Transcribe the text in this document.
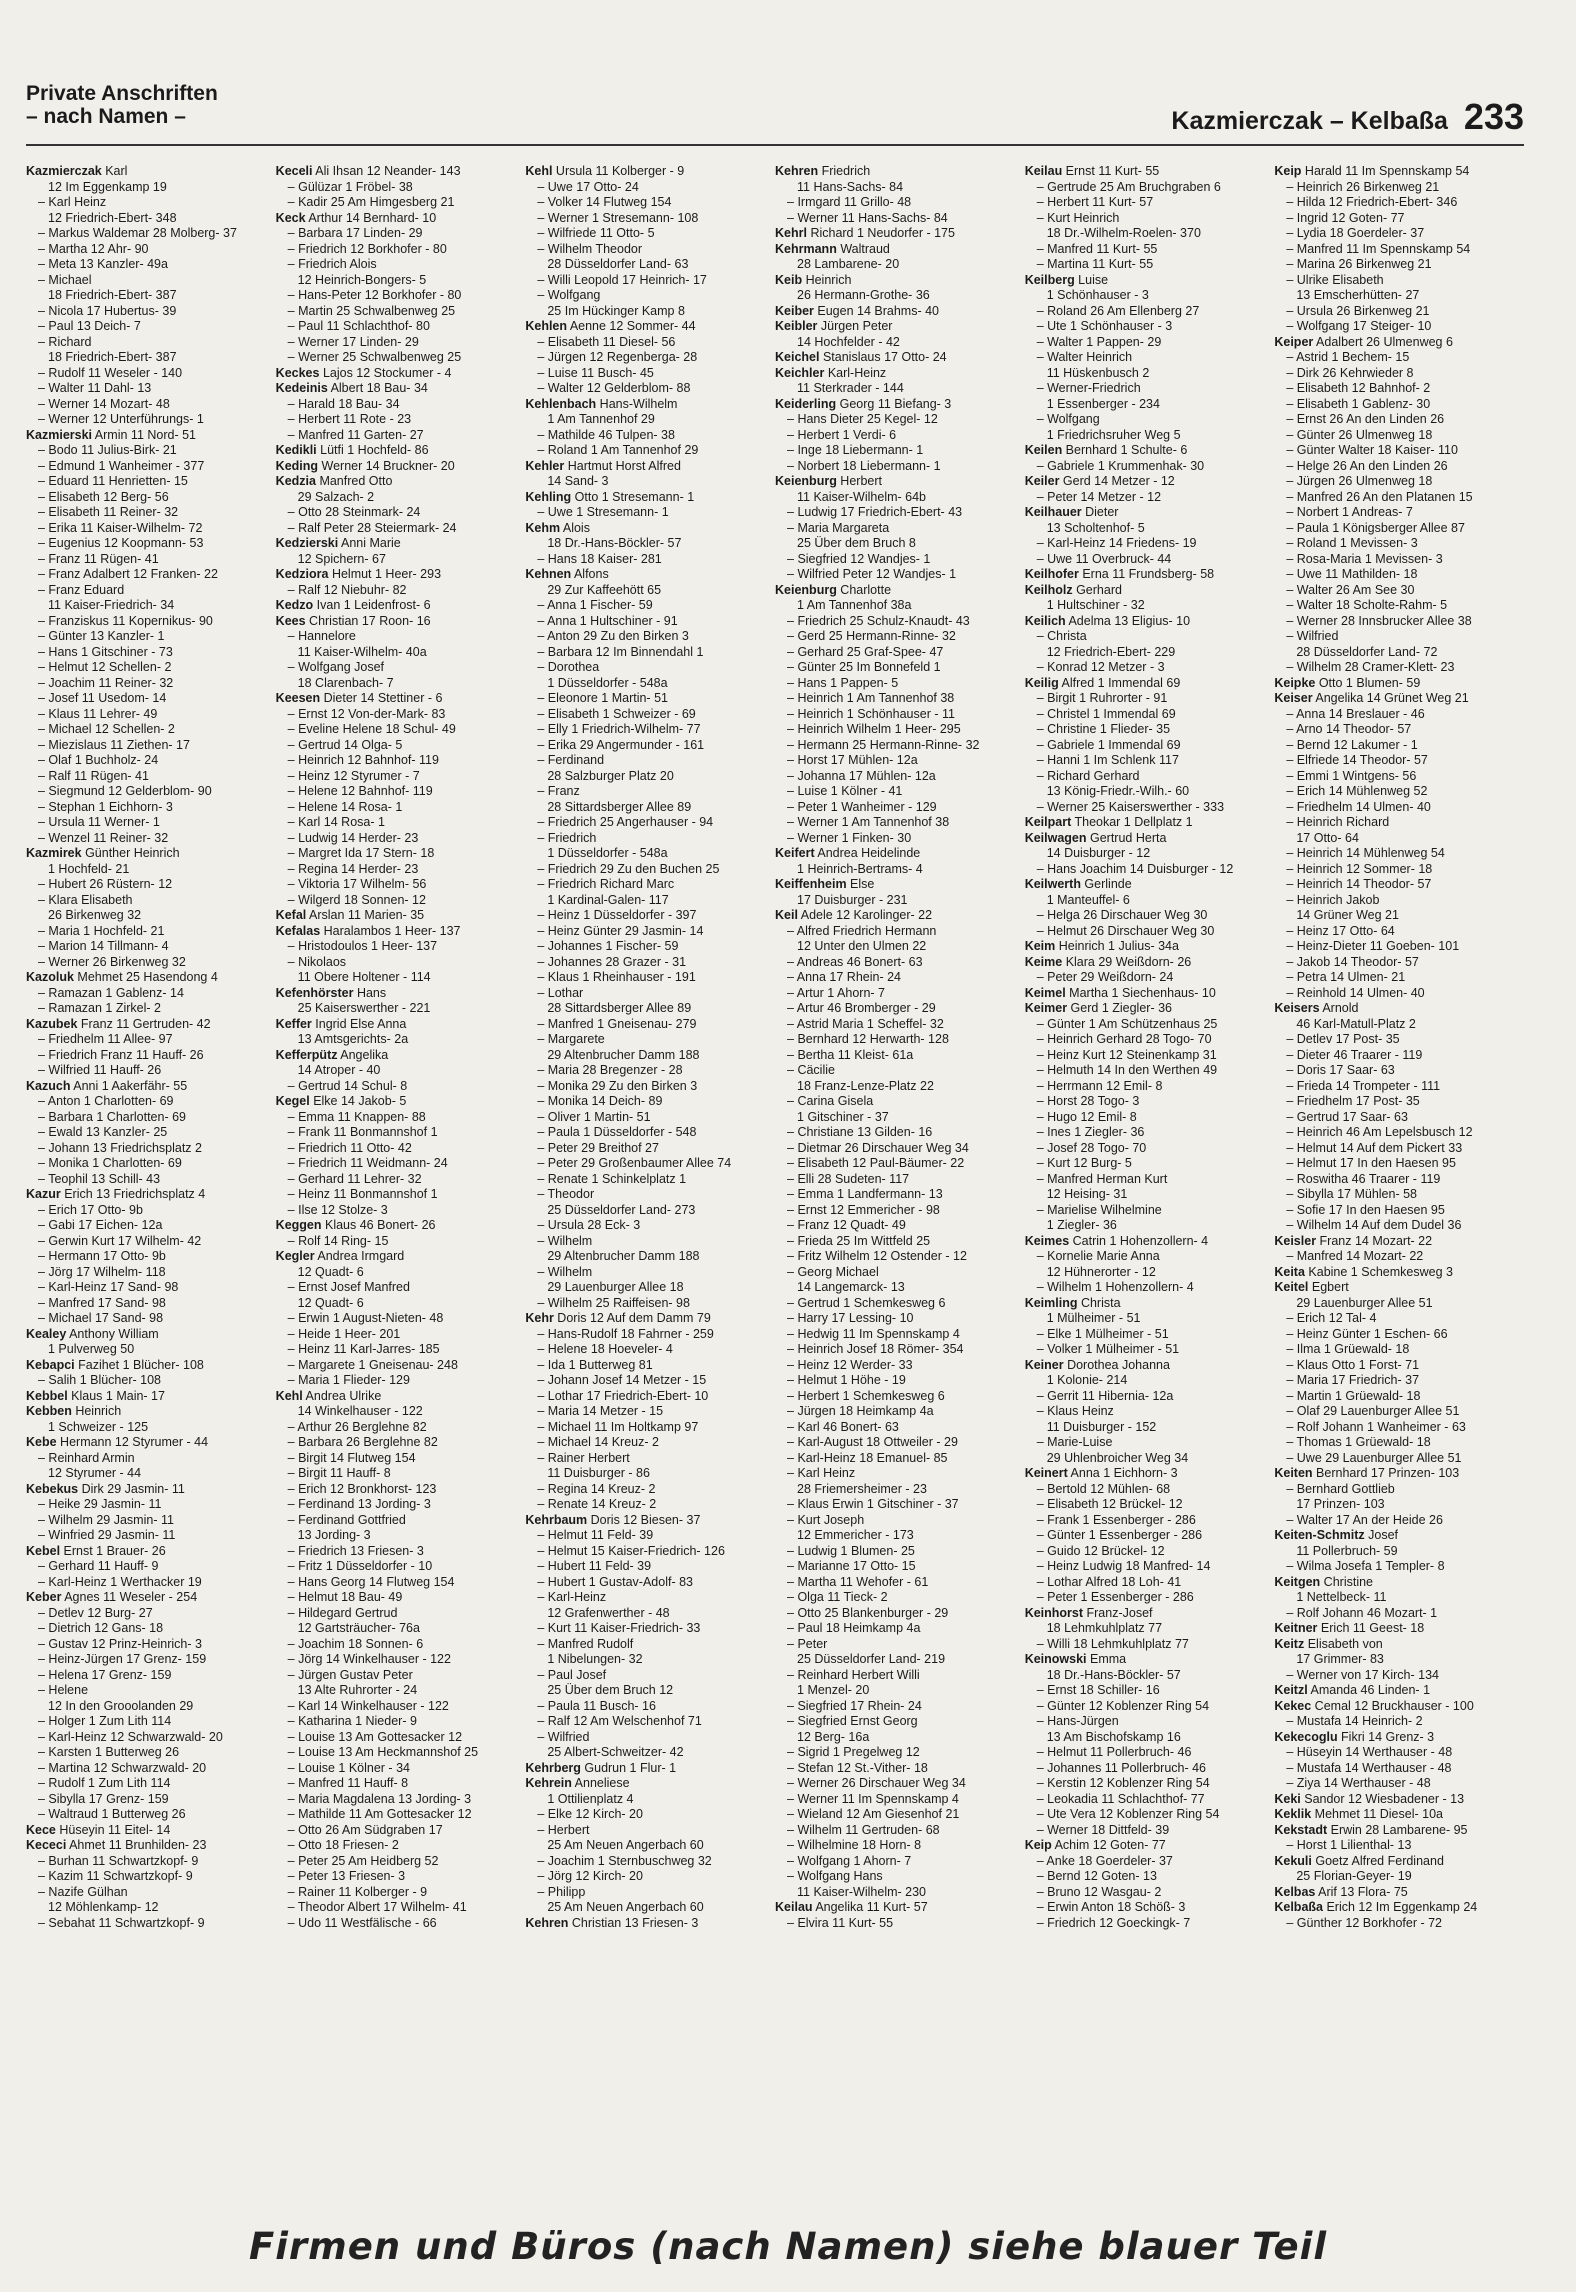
Private Anschriften
– nach Namen –	Kazmierczak – Kelbaßa 233
Kazmierczak Karl
12 Im Eggenkamp 19
– Karl Heinz
12 Friedrich-Ebert- 348
– Markus Waldemar 28 Molberg- 37
– Martha 12 Ahr- 90
– Meta 13 Kanzler- 49a
– Michael
18 Friedrich-Ebert- 387
– Nicola 17 Hubertus- 39
– Paul 13 Deich- 7
– Richard
18 Friedrich-Ebert- 387
– Rudolf 11 Weseler - 140
– Walter 11 Dahl- 13
– Werner 14 Mozart- 48
– Werner 12 Unterführungs- 1
Kazmierski Armin 11 Nord- 51
– Bodo 11 Julius-Birk- 21
– Edmund 1 Wanheimer - 377
– Eduard 11 Henrietten- 15
– Elisabeth 12 Berg- 56
– Elisabeth 11 Reiner- 32
– Erika 11 Kaiser-Wilhelm- 72
– Eugenius 12 Koopmann- 53
– Franz 11 Rügen- 41
– Franz Adalbert 12 Franken- 22
– Franz Eduard
11 Kaiser-Friedrich- 34
– Franziskus 11 Kopernikus- 90
– Günter 13 Kanzler- 1
– Hans 1 Gitschiner - 73
– Helmut 12 Schellen- 2
– Joachim 11 Reiner- 32
– Josef 11 Usedom- 14
– Klaus 11 Lehrer- 49
– Michael 12 Schellen- 2
– Miezislaus 11 Ziethen- 17
– Olaf 1 Buchholz- 24
– Ralf 11 Rügen- 41
– Siegmund 12 Gelderblom- 90
– Stephan 1 Eichhorn- 3
– Ursula 11 Werner- 1
– Wenzel 11 Reiner- 32
Kazmirek Günther Heinrich
1 Hochfeld- 21
– Hubert 26 Rüstern- 12
– Klara Elisabeth
26 Birkenweg 32
– Maria 1 Hochfeld- 21
– Marion 14 Tillmann- 4
– Werner 26 Birkenweg 32
Kazoluk Mehmet 25 Hasendong 4
– Ramazan 1 Gablenz- 14
– Ramazan 1 Zirkel- 2
Kazubek Franz 11 Gertruden- 42
– Friedhelm 11 Allee- 97
– Friedrich Franz 11 Hauff- 26
– Wilfried 11 Hauff- 26
Kazuch Anni 1 Aakerfähr- 55
– Anton 1 Charlotten- 69
– Barbara 1 Charlotten- 69
– Ewald 13 Kanzler- 25
– Johann 13 Friedrichsplatz 2
– Monika 1 Charlotten- 69
– Teophil 13 Schill- 43
Kazur Erich 13 Friedrichsplatz 4
– Erich 17 Otto- 9b
– Gabi 17 Eichen- 12a
– Gerwin Kurt 17 Wilhelm- 42
– Hermann 17 Otto- 9b
– Jörg 17 Wilhelm- 118
– Karl-Heinz 17 Sand- 98
– Manfred 17 Sand- 98
– Michael 17 Sand- 98
Kealey Anthony William
1 Pulverweg 50
Kebapci Fazihet 1 Blücher- 108
– Salih 1 Blücher- 108
Kebbel Klaus 1 Main- 17
Kebben Heinrich
1 Schweizer - 125
Kebe Hermann 12 Styrumer - 44
– Reinhard Armin
12 Styrumer - 44
Kebekus Dirk 29 Jasmin- 11
– Heike 29 Jasmin- 11
– Wilhelm 29 Jasmin- 11
– Winfried 29 Jasmin- 11
Kebel Ernst 1 Brauer- 26
– Gerhard 11 Hauff- 9
– Karl-Heinz 1 Werthacker 19
Keber Agnes 11 Weseler - 254
– Detlev 12 Burg- 27
– Dietrich 12 Gans- 18
– Gustav 12 Prinz-Heinrich- 3
– Heinz-Jürgen 17 Grenz- 159
– Helena 17 Grenz- 159
– Helene
12 In den Grooolanden 29
– Holger 1 Zum Lith 114
– Karl-Heinz 12 Schwarzwald- 20
– Karsten 1 Butterweg 26
– Martina 12 Schwarzwald- 20
– Rudolf 1 Zum Lith 114
– Sibylla 17 Grenz- 159
– Waltraud 1 Butterweg 26
Kece Hüseyin 11 Eitel- 14
Kececi Ahmet 11 Brunhilden- 23
– Burhan 11 Schwartzkopf- 9
– Kazim 11 Schwartzkopf- 9
– Nazife Gülhan
12 Möhlenkamp- 12
– Sebahat 11 Schwartzkopf- 9
Keceli Ali Ihsan 12 Neander- 143
– Gülüzar 1 Fröbel- 38
– Kadir 25 Am Himgesberg 21
Keck Arthur 14 Bernhard- 10
– Barbara 17 Linden- 29
– Friedrich 12 Borkhofer - 80
– Friedrich Alois
12 Heinrich-Bongers- 5
– Hans-Peter 12 Borkhofer - 80
– Martin 25 Schwalbenweg 25
– Paul 11 Schlachthof- 80
– Werner 17 Linden- 29
– Werner 25 Schwalbenweg 25
Keckes Lajos 12 Stockumer - 4
Kedeinis Albert 18 Bau- 34
– Harald 18 Bau- 34
– Herbert 11 Rote - 23
– Manfred 11 Garten- 27
Kedikli Lütfi 1 Hochfeld- 86
Keding Werner 14 Bruckner- 20
Kedzia Manfred Otto
29 Salzach- 2
– Otto 28 Steinmark- 24
– Ralf Peter 28 Steiermark- 24
Kedzierski Anni Marie
12 Spichern- 67
Kedziora Helmut 1 Heer- 293
– Ralf 12 Niebuhr- 82
Kedzo Ivan 1 Leidenfrost- 6
Kees Christian 17 Roon- 16
– Hannelore
11 Kaiser-Wilhelm- 40a
– Wolfgang Josef
18 Clarenbach- 7
Keesen Dieter 14 Stettiner - 6
– Ernst 12 Von-der-Mark- 83
– Eveline Helene 18 Schul- 49
– Gertrud 14 Olga- 5
– Heinrich 12 Bahnhof- 119
– Heinz 12 Styrumer - 7
– Helene 12 Bahnhof- 119
– Helene 14 Rosa- 1
– Karl 14 Rosa- 1
– Ludwig 14 Herder- 23
– Margret Ida 17 Stern- 18
– Regina 14 Herder- 23
– Viktoria 17 Wilhelm- 56
– Wilgerd 18 Sonnen- 12
Kefal Arslan 11 Marien- 35
Kefalas Haralambos 1 Heer- 137
– Hristodoulos 1 Heer- 137
– Nikolaos
11 Obere Holtener - 114
Kefenhörster Hans
25 Kaiserswerther - 221
Keffer Ingrid Else Anna
13 Amtsgerichts- 2a
Kefferpütz Angelika
14 Atroper - 40
– Gertrud 14 Schul- 8
Kegel Elke 14 Jakob- 5
– Emma 11 Knappen- 88
– Frank 11 Bonmannshof 1
– Friedrich 11 Otto- 42
– Friedrich 11 Weidmann- 24
– Gerhard 11 Lehrer- 32
– Heinz 11 Bonmannshof 1
– Ilse 12 Stolze- 3
Keggen Klaus 46 Bonert- 26
– Rolf 14 Ring- 15
Kegler Andrea Irmgard
12 Quadt- 6
– Ernst Josef Manfred
12 Quadt- 6
– Erwin 1 August-Nieten- 48
– Heide 1 Heer- 201
– Heinz 11 Karl-Jarres- 185
– Margarete 1 Gneisenau- 248
– Maria 1 Flieder- 129
Kehl Andrea Ulrike
14 Winkelhauser - 122
– Arthur 26 Berglehne 82
– Barbara 26 Berglehne 82
– Birgit 14 Flutweg 154
– Birgit 11 Hauff- 8
– Erich 12 Bronkhorst- 123
– Ferdinand 13 Jording- 3
– Ferdinand Gottfried
13 Jording- 3
– Friedrich 13 Friesen- 3
– Fritz 1 Düsseldorfer - 10
– Hans Georg 14 Flutweg 154
– Helmut 18 Bau- 49
– Hildegard Gertrud
12 Gartsträucher- 76a
– Joachim 18 Sonnen- 6
– Jörg 14 Winkelhauser - 122
– Jürgen Gustav Peter
13 Alte Ruhrorter - 24
– Karl 14 Winkelhauser - 122
– Katharina 1 Nieder- 9
– Louise 13 Am Gottesacker 12
– Louise 13 Am Heckmannshof 25
– Louise 1 Kölner - 34
– Manfred 11 Hauff- 8
– Maria Magdalena 13 Jording- 3
– Mathilde 11 Am Gottesacker 12
– Otto 26 Am Südgraben 17
– Otto 18 Friesen- 2
– Peter 25 Am Heidberg 52
– Peter 13 Friesen- 3
– Rainer 11 Kolberger - 9
– Theodor Albert 17 Wilhelm- 41
– Udo 11 Westfälische - 66
Kehl Ursula 11 Kolberger - 9
– Uwe 17 Otto- 24
– Volker 14 Flutweg 154
– Werner 1 Stresemann- 108
– Wilfriede 11 Otto- 5
– Wilhelm Theodor
28 Düsseldorfer Land- 63
– Willi Leopold 17 Heinrich- 17
– Wolfgang
25 Im Hückinger Kamp 8
Kehlen Aenne 12 Sommer- 44
– Elisabeth 11 Diesel- 56
– Jürgen 12 Regenberga- 28
– Luise 11 Busch- 45
– Walter 12 Gelderblom- 88
Kehlenbach Hans-Wilhelm
1 Am Tannenhof 29
– Mathilde 46 Tulpen- 38
– Roland 1 Am Tannenhof 29
Kehler Hartmut Horst Alfred
14 Sand- 3
Kehling Otto 1 Stresemann- 1
– Uwe 1 Stresemann- 1
Kehm Alois
18 Dr.-Hans-Böckler- 57
– Hans 18 Kaiser- 281
Kehnen Alfons
29 Zur Kaffeehött 65
– Anna 1 Fischer- 59
– Anna 1 Hultschiner - 91
– Anton 29 Zu den Birken 3
– Barbara 12 Im Binnendahl 1
– Dorothea
1 Düsseldorfer - 548a
– Eleonore 1 Martin- 51
– Elisabeth 1 Schweizer - 69
– Elly 1 Friedrich-Wilhelm- 77
– Erika 29 Angermunder - 161
– Ferdinand
28 Salzburger Platz 20
– Franz
28 Sittardsberger Allee 89
– Friedrich 25 Angerhauser - 94
– Friedrich
1 Düsseldorfer - 548a
– Friedrich 29 Zu den Buchen 25
– Friedrich Richard Marc
1 Kardinal-Galen- 117
– Heinz 1 Düsseldorfer - 397
– Heinz Günter 29 Jasmin- 14
– Johannes 1 Fischer- 59
– Johannes 28 Grazer - 31
– Klaus 1 Rheinhauser - 191
– Lothar
28 Sittardsberger Allee 89
– Manfred 1 Gneisenau- 279
– Margarete
29 Altenbrucher Damm 188
– Maria 28 Bregenzer - 28
– Monika 29 Zu den Birken 3
– Monika 14 Deich- 89
– Oliver 1 Martin- 51
– Paula 1 Düsseldorfer - 548
– Peter 29 Breithof 27
– Peter 29 Großenbaumer Allee 74
– Renate 1 Schinkelplatz 1
– Theodor
25 Düsseldorfer Land- 273
– Ursula 28 Eck- 3
– Wilhelm
29 Altenbrucher Damm 188
– Wilhelm
29 Lauenburger Allee 18
– Wilhelm 25 Raiffeisen- 98
Kehr Doris 12 Auf dem Damm 79
– Hans-Rudolf 18 Fahrner - 259
– Helene 18 Hoeveler- 4
– Ida 1 Butterweg 81
– Johann Josef 14 Metzer - 15
– Lothar 17 Friedrich-Ebert- 10
– Maria 14 Metzer - 15
– Michael 11 Im Holtkamp 97
– Michael 14 Kreuz- 2
– Rainer Herbert
11 Duisburger - 86
– Regina 14 Kreuz- 2
– Renate 14 Kreuz- 2
Kehrbaum Doris 12 Biesen- 37
– Helmut 11 Feld- 39
– Helmut 15 Kaiser-Friedrich- 126
– Hubert 11 Feld- 39
– Hubert 1 Gustav-Adolf- 83
– Karl-Heinz
12 Grafenwerther - 48
– Kurt 11 Kaiser-Friedrich- 33
– Manfred Rudolf
1 Nibelungen- 32
– Paul Josef
25 Über dem Bruch 12
– Paula 11 Busch- 16
– Ralf 12 Am Welschenhof 71
– Wilfried
25 Albert-Schweitzer- 42
Kehrberg Gudrun 1 Flur- 1
Kehrein Anneliese
1 Ottilienplatz 4
– Elke 12 Kirch- 20
– Herbert
25 Am Neuen Angerbach 60
– Joachim 1 Sternbuschweg 32
– Jörg 12 Kirch- 20
– Philipp
25 Am Neuen Angerbach 60
Kehren Christian 13 Friesen- 3
Kehren Friedrich
11 Hans-Sachs- 84
– Irmgard 11 Grillo- 48
– Werner 11 Hans-Sachs- 84
Kehrl Richard 1 Neudorfer - 175
Kehrmann Waltraud
28 Lambarene- 20
Keib Heinrich
26 Hermann-Grothe- 36
Keiber Eugen 14 Brahms- 40
Keibler Jürgen Peter
14 Hochfelder - 42
Keichel Stanislaus 17 Otto- 24
Keichler Karl-Heinz
11 Sterkrader - 144
Keiderling Georg 11 Biefang- 3
– Hans Dieter 25 Kegel- 12
– Herbert 1 Verdi- 6
– Inge 18 Liebermann- 1
– Norbert 18 Liebermann- 1
Keienburg Herbert
11 Kaiser-Wilhelm- 64b
– Ludwig 17 Friedrich-Ebert- 43
– Maria Margareta
25 Über dem Bruch 8
– Siegfried 12 Wandjes- 1
– Wilfried Peter 12 Wandjes- 1
Keienburg Charlotte
1 Am Tannenhof 38a
– Friedrich 25 Schulz-Knaudt- 43
– Gerd 25 Hermann-Rinne- 32
– Gerhard 25 Graf-Spee- 47
– Günter 25 Im Bonnefeld 1
– Hans 1 Pappen- 5
– Heinrich 1 Am Tannenhof 38
– Heinrich 1 Schönhauser - 11
– Heinrich Wilhelm 1 Heer- 295
– Hermann 25 Hermann-Rinne- 32
– Horst 17 Mühlen- 12a
– Johanna 17 Mühlen- 12a
– Luise 1 Kölner - 41
– Peter 1 Wanheimer - 129
– Werner 1 Am Tannenhof 38
– Werner 1 Finken- 30
Keifert Andrea Heidelinde
1 Heinrich-Bertrams- 4
Keiffenheim Else
17 Duisburger - 231
Keil Adele 12 Karolinger- 22
– Alfred Friedrich Hermann
12 Unter den Ulmen 22
– Andreas 46 Bonert- 63
– Anna 17 Rhein- 24
– Artur 1 Ahorn- 7
– Artur 46 Bromberger - 29
– Astrid Maria 1 Scheffel- 32
– Bernhard 12 Herwarth- 128
– Bertha 11 Kleist- 61a
– Cäcilie
18 Franz-Lenze-Platz 22
– Carina Gisela
1 Gitschiner - 37
– Christiane 13 Gilden- 16
– Dietmar 26 Dirschauer Weg 34
– Elisabeth 12 Paul-Bäumer- 22
– Elli 28 Sudeten- 117
– Emma 1 Landfermann- 13
– Ernst 12 Emmericher - 98
– Franz 12 Quadt- 49
– Frieda 25 Im Wittfeld 25
– Fritz Wilhelm 12 Ostender - 12
– Georg Michael
14 Langemarck- 13
– Gertrud 1 Schemkesweg 6
– Harry 17 Lessing- 10
– Hedwig 11 Im Spennskamp 4
– Heinrich Josef 18 Römer- 354
– Heinz 12 Werder- 33
– Helmut 1 Höhe - 19
– Herbert 1 Schemkesweg 6
– Jürgen 18 Heimkamp 4a
– Karl 46 Bonert- 63
– Karl-August 18 Ottweiler - 29
– Karl-Heinz 18 Emanuel- 85
– Karl Heinz
28 Friemersheimer - 23
– Klaus Erwin 1 Gitschiner - 37
– Kurt Joseph
12 Emmericher - 173
– Ludwig 1 Blumen- 25
– Marianne 17 Otto- 15
– Martha 11 Wehofer - 61
– Olga 11 Tieck- 2
– Otto 25 Blankenburger - 29
– Paul 18 Heimkamp 4a
– Peter
25 Düsseldorfer Land- 219
– Reinhard Herbert Willi
1 Menzel- 20
– Siegfried 17 Rhein- 24
– Siegfried Ernst Georg
12 Berg- 16a
– Sigrid 1 Pregelweg 12
– Stefan 12 St.-Vither- 18
– Werner 26 Dirschauer Weg 34
– Werner 11 Im Spennskamp 4
– Wieland 12 Am Giesenhof 21
– Wilhelm 11 Gertruden- 68
– Wilhelmine 18 Horn- 8
– Wolfgang 1 Ahorn- 7
– Wolfgang Hans
11 Kaiser-Wilhelm- 230
Keilau Angelika 11 Kurt- 57
– Elvira 11 Kurt- 55
Keilau Ernst 11 Kurt- 55
– Gertrude 25 Am Bruchgraben 6
– Herbert 11 Kurt- 57
– Kurt Heinrich
18 Dr.-Wilhelm-Roelen- 370
– Manfred 11 Kurt- 55
– Martina 11 Kurt- 55
Keilberg Luise
1 Schönhauser - 3
– Roland 26 Am Ellenberg 27
– Ute 1 Schönhauser - 3
– Walter 1 Pappen- 29
– Walter Heinrich
11 Hüskenbusch 2
– Werner-Friedrich
1 Essenberger - 234
– Wolfgang
1 Friedrichsruher Weg 5
Keilen Bernhard 1 Schulte- 6
– Gabriele 1 Krummenhak- 30
Keiler Gerd 14 Metzer - 12
– Peter 14 Metzer - 12
Keilhauer Dieter
13 Scholtenhof- 5
– Karl-Heinz 14 Friedens- 19
– Uwe 11 Overbruck- 44
Keilhofer Erna 11 Frundsberg- 58
Keilholz Gerhard
1 Hultschiner - 32
Keilich Adelma 13 Eligius- 10
– Christa
12 Friedrich-Ebert- 229
– Konrad 12 Metzer - 3
Keilig Alfred 1 Immendal 69
– Birgit 1 Ruhrorter - 91
– Christel 1 Immendal 69
– Christine 1 Flieder- 35
– Gabriele 1 Immendal 69
– Hanni 1 Im Schlenk 117
– Richard Gerhard
13 König-Friedr.-Wilh.- 60
– Werner 25 Kaiserswerther - 333
Keilpart Theokar 1 Dellplatz 1
Keilwagen Gertrud Herta
14 Duisburger - 12
– Hans Joachim 14 Duisburger - 12
Keilwerth Gerlinde
1 Manteuffel- 6
– Helga 26 Dirschauer Weg 30
– Helmut 26 Dirschauer Weg 30
Keim Heinrich 1 Julius- 34a
Keime Klara 29 Weißdorn- 26
– Peter 29 Weißdorn- 24
Keimel Martha 1 Siechenhaus- 10
Keimer Gerd 1 Ziegler- 36
– Günter 1 Am Schützenhaus 25
– Heinrich Gerhard 28 Togo- 70
– Heinz Kurt 12 Steinenkamp 31
– Helmuth 14 In den Werthen 49
– Herrmann 12 Emil- 8
– Horst 28 Togo- 3
– Hugo 12 Emil- 8
– Ines 1 Ziegler- 36
– Josef 28 Togo- 70
– Kurt 12 Burg- 5
– Manfred Herman Kurt
12 Heising- 31
– Marielise Wilhelmine
1 Ziegler- 36
Keimes Catrin 1 Hohenzollern- 4
– Kornelie Marie Anna
12 Hühnerorter - 12
– Wilhelm 1 Hohenzollern- 4
Keimling Christa
1 Mülheimer - 51
– Elke 1 Mülheimer - 51
– Volker 1 Mülheimer - 51
Keiner Dorothea Johanna
1 Kolonie- 214
– Gerrit 11 Hibernia- 12a
– Klaus Heinz
11 Duisburger - 152
– Marie-Luise
29 Uhlenbroicher Weg 34
Keinert Anna 1 Eichhorn- 3
– Bertold 12 Mühlen- 68
– Elisabeth 12 Brückel- 12
– Frank 1 Essenberger - 286
– Günter 1 Essenberger - 286
– Guido 12 Brückel- 12
– Heinz Ludwig 18 Manfred- 14
– Lothar Alfred 18 Loh- 41
– Peter 1 Essenberger - 286
Keinhorst Franz-Josef
18 Lehmkuhlplatz 77
– Willi 18 Lehmkuhlplatz 77
Keinowski Emma
18 Dr.-Hans-Böckler- 57
– Ernst 18 Schiller- 16
– Günter 12 Koblenzer Ring 54
– Hans-Jürgen
13 Am Bischofskamp 16
– Helmut 11 Pollerbruch- 46
– Johannes 11 Pollerbruch- 46
– Kerstin 12 Koblenzer Ring 54
– Leokadia 11 Schlachthof- 77
– Ute Vera 12 Koblenzer Ring 54
– Werner 18 Dittfeld- 39
Keip Achim 12 Goten- 77
– Anke 18 Goerdeler- 37
– Bernd 12 Goten- 13
– Bruno 12 Wasgau- 2
– Erwin Anton 18 Schöß- 3
– Friedrich 12 Goeckingk- 7
Keip Harald 11 Im Spennskamp 54
– Heinrich 26 Birkenweg 21
– Hilda 12 Friedrich-Ebert- 346
– Ingrid 12 Goten- 77
– Lydia 18 Goerdeler- 37
– Manfred 11 Im Spennskamp 54
– Marina 26 Birkenweg 21
– Ulrike Elisabeth
13 Emscherhütten- 27
– Ursula 26 Birkenweg 21
– Wolfgang 17 Steiger- 10
Keiper Adalbert 26 Ulmenweg 6
– Astrid 1 Bechem- 15
– Dirk 26 Kehrwieder 8
– Elisabeth 12 Bahnhof- 2
– Elisabeth 1 Gablenz- 30
– Ernst 26 An den Linden 26
– Günter 26 Ulmenweg 18
– Günter Walter 18 Kaiser- 110
– Helge 26 An den Linden 26
– Jürgen 26 Ulmenweg 18
– Manfred 26 An den Platanen 15
– Norbert 1 Andreas- 7
– Paula 1 Königsberger Allee 87
– Roland 1 Mevissen- 3
– Rosa-Maria 1 Mevissen- 3
– Uwe 11 Mathilden- 18
– Walter 26 Am See 30
– Walter 18 Scholte-Rahm- 5
– Werner 28 Innsbrucker Allee 38
– Wilfried
28 Düsseldorfer Land- 72
– Wilhelm 28 Cramer-Klett- 23
Keipke Otto 1 Blumen- 59
Keiser Angelika 14 Grünet Weg 21
– Anna 14 Breslauer - 46
– Arno 14 Theodor- 57
– Bernd 12 Lakumer - 1
– Elfriede 14 Theodor- 57
– Emmi 1 Wintgens- 56
– Erich 14 Mühlenweg 52
– Friedhelm 14 Ulmen- 40
– Heinrich Richard
17 Otto- 64
– Heinrich 14 Mühlenweg 54
– Heinrich 12 Sommer- 18
– Heinrich 14 Theodor- 57
– Heinrich Jakob
14 Grüner Weg 21
– Heinz 17 Otto- 64
– Heinz-Dieter 11 Goeben- 101
– Jakob 14 Theodor- 57
– Petra 14 Ulmen- 21
– Reinhold 14 Ulmen- 40
Keisers Arnold
46 Karl-Matull-Platz 2
– Detlev 17 Post- 35
– Dieter 46 Traarer - 119
– Doris 17 Saar- 63
– Frieda 14 Trompeter - 111
– Friedhelm 17 Post- 35
– Gertrud 17 Saar- 63
– Heinrich 46 Am Lepelsbusch 12
– Helmut 14 Auf dem Pickert 33
– Helmut 17 In den Haesen 95
– Roswitha 46 Traarer - 119
– Sibylla 17 Mühlen- 58
– Sofie 17 In den Haesen 95
– Wilhelm 14 Auf dem Dudel 36
Keisler Franz 14 Mozart- 22
– Manfred 14 Mozart- 22
Keita Kabine 1 Schemkesweg 3
Keitel Egbert
29 Lauenburger Allee 51
– Erich 12 Tal- 4
– Heinz Günter 1 Eschen- 66
– Ilma 1 Grüewald- 18
– Klaus Otto 1 Forst- 71
– Maria 17 Friedrich- 37
– Martin 1 Grüewald- 18
– Olaf 29 Lauenburger Allee 51
– Rolf Johann 1 Wanheimer - 63
– Thomas 1 Grüewald- 18
– Uwe 29 Lauenburger Allee 51
Keiten Bernhard 17 Prinzen- 103
– Bernhard Gottlieb
17 Prinzen- 103
– Walter 17 An der Heide 26
Keiten-Schmitz Josef
11 Pollerbruch- 59
– Wilma Josefa 1 Templer- 8
Keitgen Christine
1 Nettelbeck- 11
– Rolf Johann 46 Mozart- 1
Keitner Erich 11 Geest- 18
Keitz Elisabeth von
17 Grimmer- 83
– Werner von 17 Kirch- 134
Keitzl Amanda 46 Linden- 1
Kekec Cemal 12 Bruckhauser - 100
– Mustafa 14 Heinrich- 2
Kekecoglu Fikri 14 Grenz- 3
– Hüseyin 14 Werthauser - 48
– Mustafa 14 Werthauser - 48
– Ziya 14 Werthauser - 48
Keki Sandor 12 Wiesbadener - 13
Keklik Mehmet 11 Diesel- 10a
Kekstadt Erwin 28 Lambarene- 95
– Horst 1 Lilienthal- 13
Kekuli Goetz Alfred Ferdinand
25 Florian-Geyer- 19
Kelbas Arif 13 Flora- 75
Kelbaßa Erich 12 Im Eggenkamp 24
– Günther 12 Borkhofer - 72
Firmen und Büros (nach Namen) siehe blauer Teil
